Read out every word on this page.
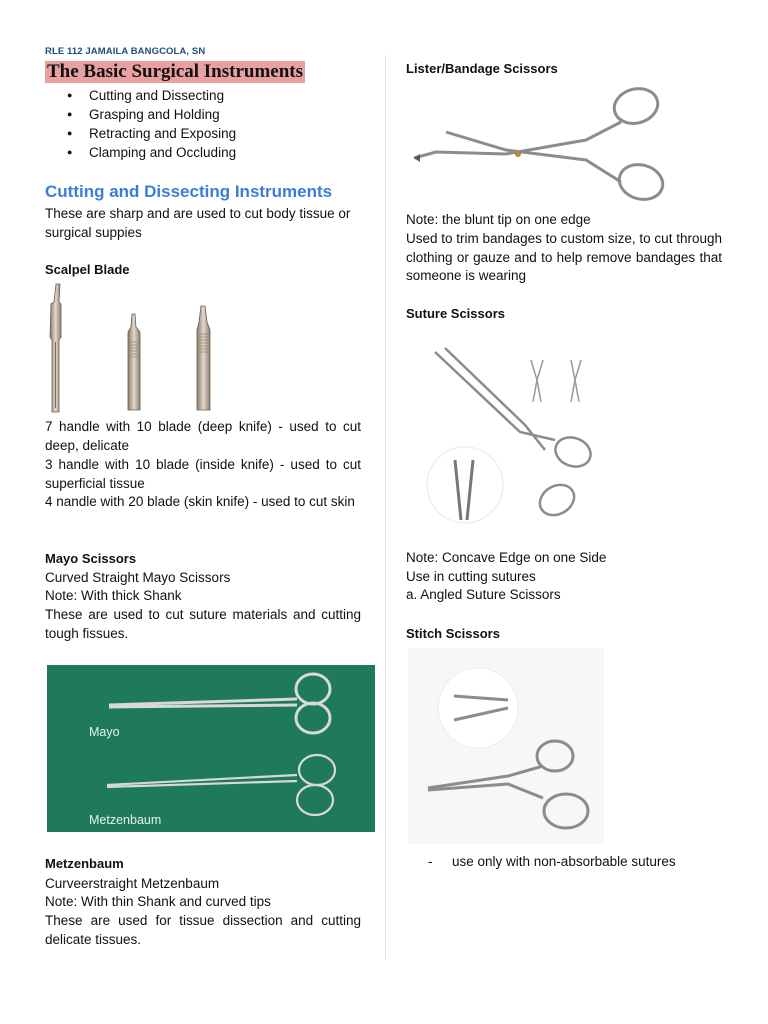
RLE 112 JAMAILA BANGCOLA, SN
The Basic Surgical Instruments
● Cutting and Dissecting
● Grasping and Holding
● Retracting and Exposing
● Clamping and Occluding
Cutting and Dissecting Instruments
These are sharp and are used to cut body tissue or surgical suppies
Scalpel Blade
7 handle with 10 blade (deep knife) - used to cut deep, delicate
3 handle with 10 blade (inside knife) - used to cut superficial tissue
4 nandle with 20 blade (skin knife) - used to cut skin
Mayo Scissors
Curved Straight Mayo Scissors
Note: With thick Shank
These are used to cut suture materials and cutting tough fissues.
Mayo
Metzenbaum
Metzenbaum
Curveerstraight Metzenbaum
Note: With thin Shank and curved tips
These are used for tissue dissection and cutting delicate tissues.
Lister/Bandage Scissors
Note: the blunt tip on one edge
Used to trim bandages to custom size, to cut through clothing or gauze and to help remove bandages that someone is wearing
Suture Scissors
Note: Concave Edge on one Side
Use in cutting sutures
a. Angled Suture Scissors
Stitch Scissors
- use only with non-absorbable sutures
